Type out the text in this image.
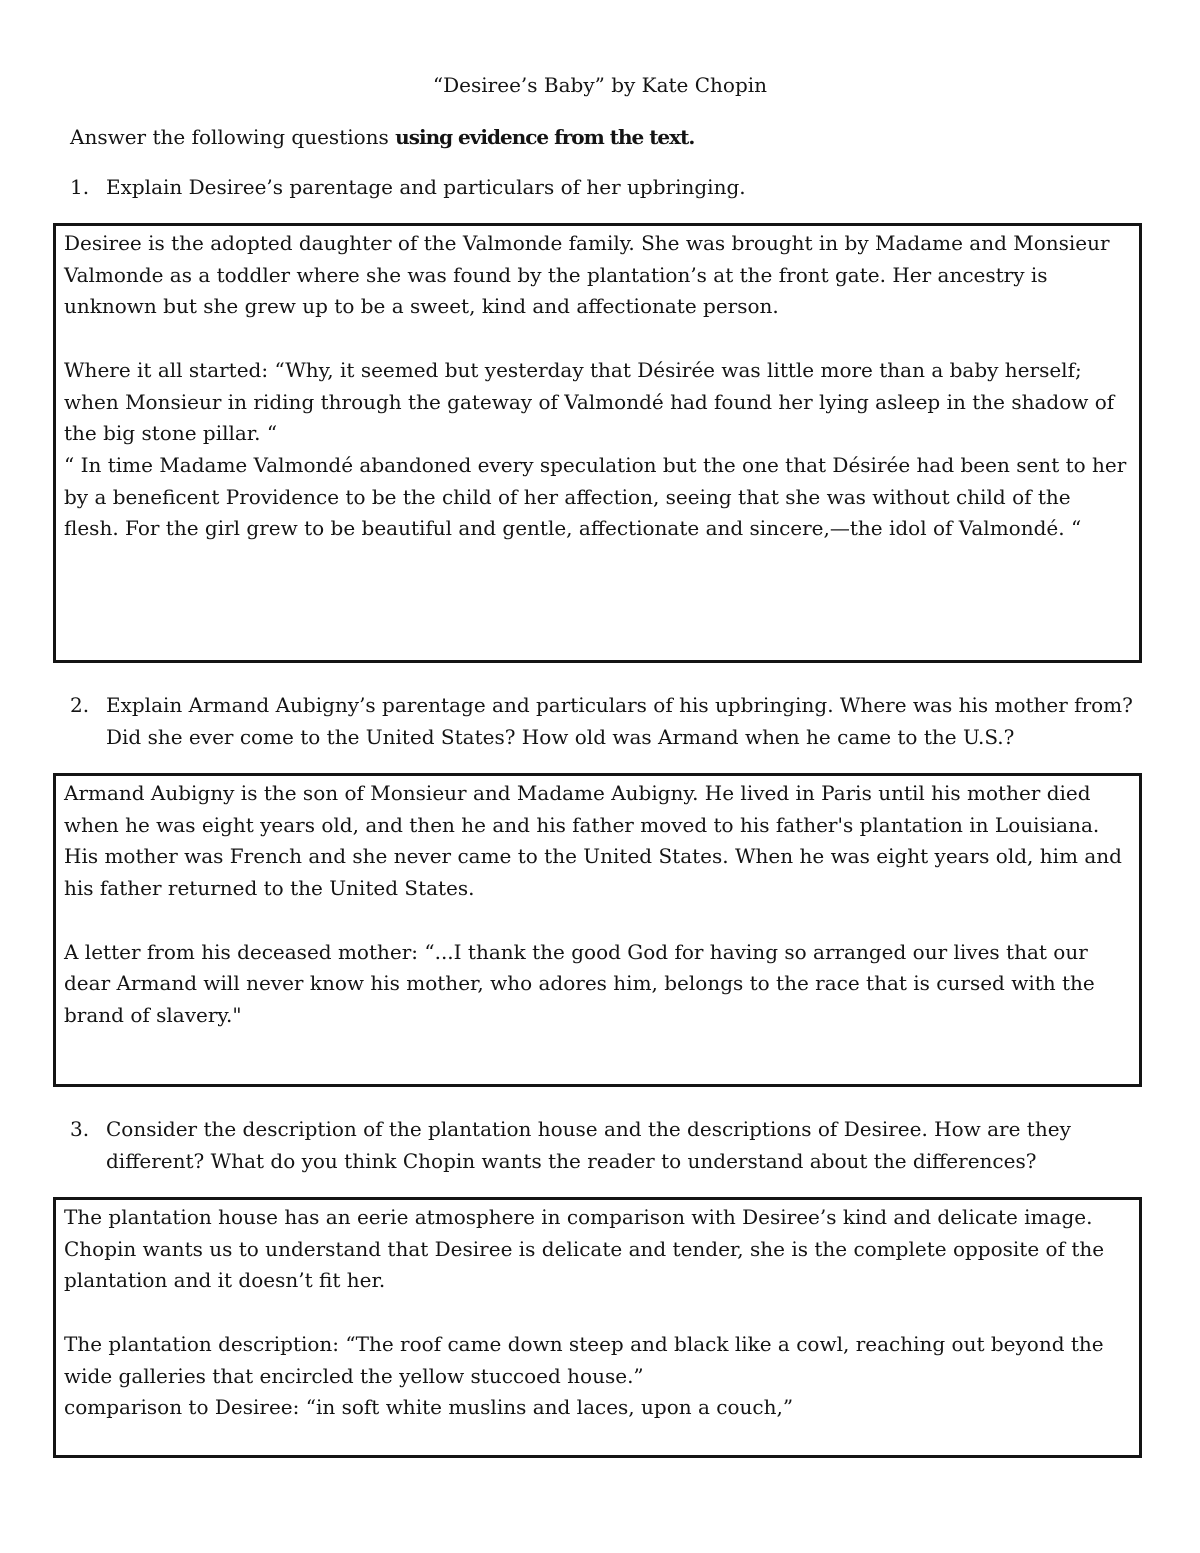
“Desiree’s Baby” by Kate Chopin
Answer the following questions using evidence from the text.
1. Explain Desiree’s parentage and particulars of her upbringing.

Desiree is the adopted daughter of the Valmonde family. She was brought in by Madame and Monsieur Valmonde as a toddler where she was found by the plantation’s at the front gate. Her ancestry is unknown but she grew up to be a sweet, kind and affectionate person.

Where it all started: “Why, it seemed but yesterday that Désirée was little more than a baby herself; when Monsieur in riding through the gateway of Valmondé had found her lying asleep in the shadow of the big stone pillar. “

“ In time Madame Valmondé abandoned every speculation but the one that Désirée had been sent to her by a beneficent Providence to be the child of her affection, seeing that she was without child of the flesh. For the girl grew to be beautiful and gentle, affectionate and sincere,—the idol of Valmondé. “

2. Explain Armand Aubigny’s parentage and particulars of his upbringing. Where was his mother from? Did she ever come to the United States? How old was Armand when he came to the U.S.?

Armand Aubigny is the son of Monsieur and Madame Aubigny. He lived in Paris until his mother died when he was eight years old, and then he and his father moved to his father's plantation in Louisiana.

His mother was French and she never came to the United States. When he was eight years old, him and his father returned to the United States.

A letter from his deceased mother: “...I thank the good God for having so arranged our lives that our dear Armand will never know his mother, who adores him, belongs to the race that is cursed with the brand of slavery."

3. Consider the description of the plantation house and the descriptions of Desiree. How are they different? What do you think Chopin wants the reader to understand about the differences?

The plantation house has an eerie atmosphere in comparison with Desiree’s kind and delicate image. Chopin wants us to understand that Desiree is delicate and tender, she is the complete opposite of the plantation and it doesn’t fit her.

The plantation description: “The roof came down steep and black like a cowl, reaching out beyond the wide galleries that encircled the yellow stuccoed house.”

comparison to Desiree: “in soft white muslins and laces, upon a couch,”
